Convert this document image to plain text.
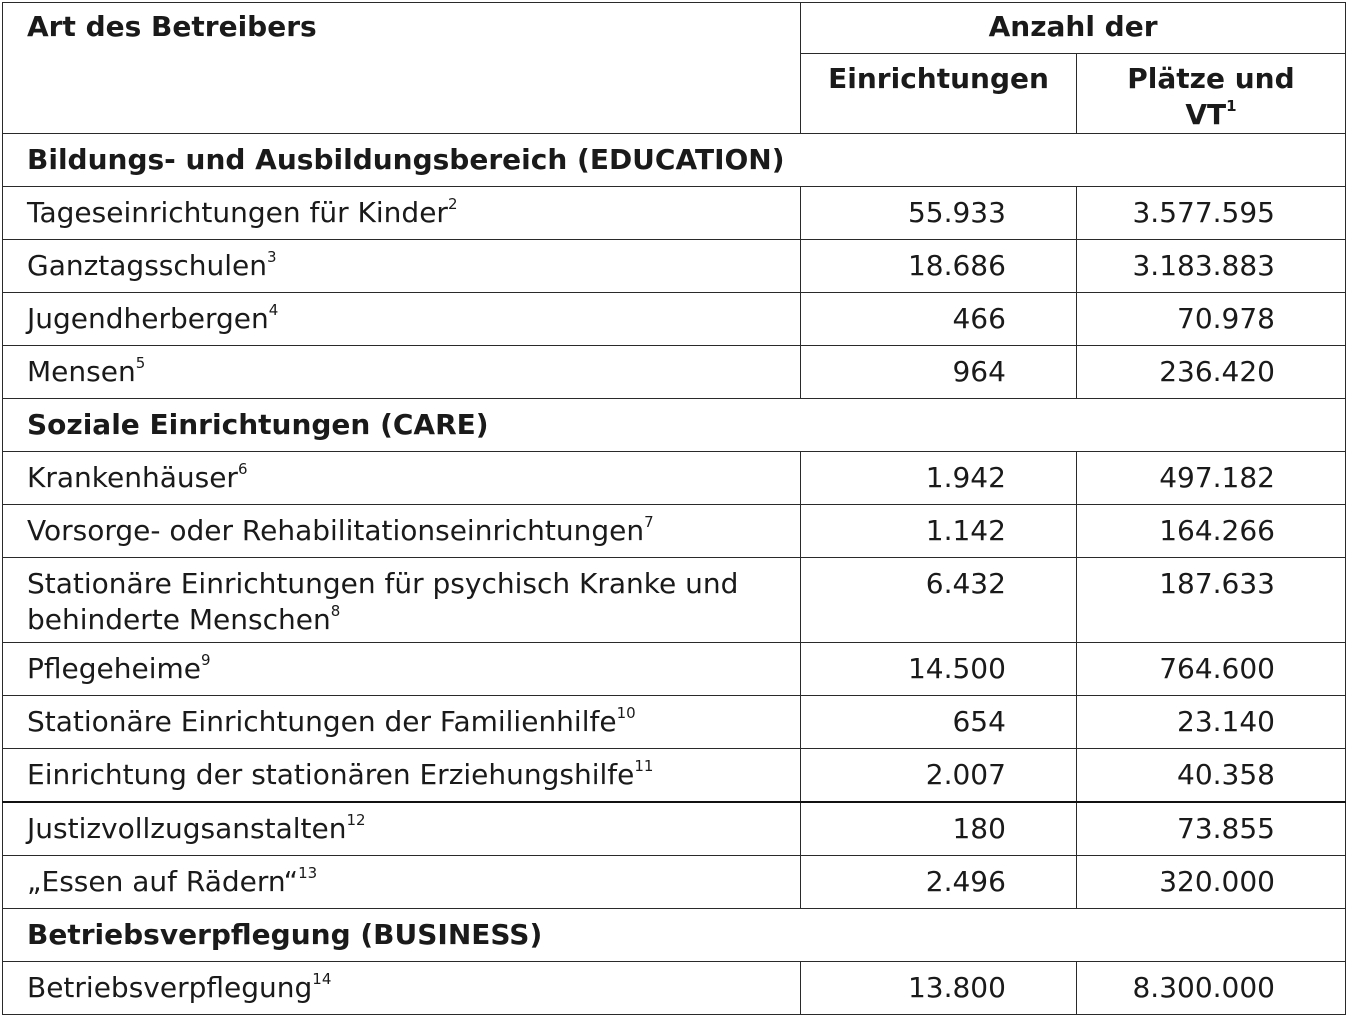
Art des Betreibers	Anzahl der	
	Einrichtungen	Plätze und $VT^1$
Bildungs- und Ausbildungsbereich (EDUCATION)		
Tageseinrichtungen für Kinder$^2$	55.933	3.577.595
Ganztagsschulen$^3$	18.686	3.183.883
Jugendherbergen$^4$	466	70.978
Mensen$^5$	964	236.420
Soziale Einrichtungen (CARE)		
Krankenhäuser$^6$	1.942	497.182
Vorsorge- oder Rehabilitationseinrichtungen$^7$	1.142	164.266
Stationäre Einrichtungen für psychisch Kranke und behinderte Menschen$^8$	6.432	187.633
Pflegeheime$^9$	14.500	764.600
Stationäre Einrichtungen der Familienhilfe$^{10}$	654	23.140
Einrichtung der stationären Erziehungshilfe$^{11}$	2.007	40.358
Justizvollzugsanstalten$^{12}$	180	73.855
„Essen auf Rädern“$^{13}$	2.496	320.000
Betriebsverpflegung (BUSINESS)		
Betriebsverpflegung$^{14}$	13.800	8.300.000
